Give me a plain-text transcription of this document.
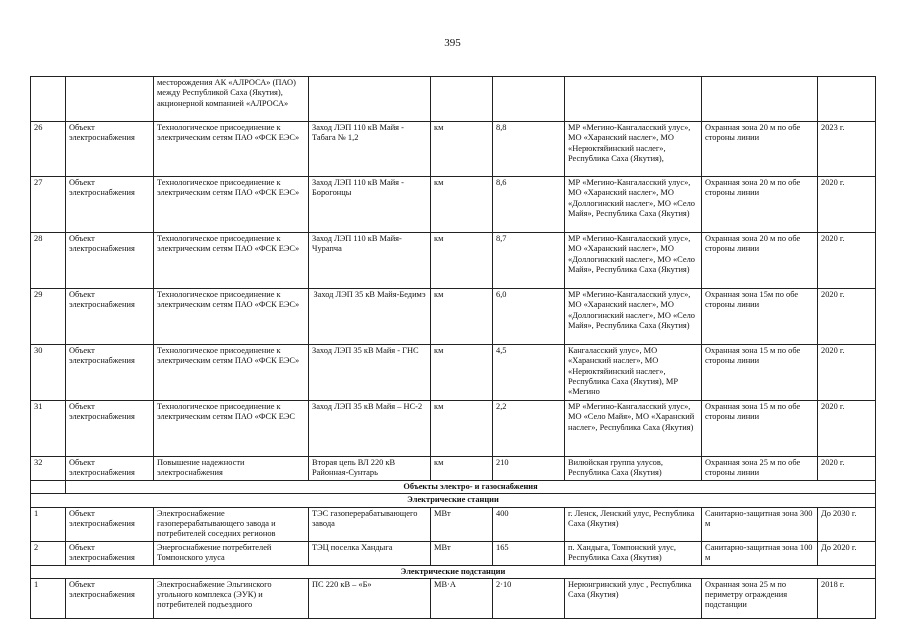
395
		месторождения АК «АЛРОСА» (ПАО) между Республикой Саха (Якутия), акционерной компанией «АЛРОСА»						
26	Объект электроснабжения	Технологическое присоединение к электрическим сетям ПАО «ФСК ЕЭС»	Заход ЛЭП 110 кВ Майя - Табага № 1,2	км	8,8	МР «Мегино-Кангаласский улус», МО «Харанский наслег», МО «Нерюктяйинский наслег», Республика Саха (Якутия),	Охранная зона 20 м по обе стороны линии	2023 г.
27	Объект электроснабжения	Технологическое присоединение к электрическим сетям ПАО «ФСК ЕЭС»	Заход ЛЭП 110 кВ Майя - Борогонцы	км	8,6	МР «Мегино-Кангаласский улус», МО «Харанский наслег», МО «Доллогинский наслег», МО «Село Майя», Республика Саха (Якутия)	Охранная зона 20 м по обе стороны линии	2020 г.
28	Объект электроснабжения	Технологическое присоединение к электрическим сетям ПАО «ФСК ЕЭС»	Заход ЛЭП 110 кВ Майя-Чурапча	км	8,7	МР «Мегино-Кангаласский улус», МО «Харанский наслег», МО «Доллогинский наслег», МО «Село Майя», Республика Саха (Якутия)	Охранная зона 20 м по обе стороны линии	2020 г.
29	Объект электроснабжения	Технологическое присоединение к электрическим сетям ПАО «ФСК ЕЭС»	Заход ЛЭП 35 кВ Майя-Бедимэ	км	6,0	МР «Мегино-Кангаласский улус», МО «Харанский наслег», МО «Доллогинский наслег», МО «Село Майя», Республика Саха (Якутия)	Охранная зона 15м по обе стороны линии	2020 г.
30	Объект электроснабжения	Технологическое присоединение к электрическим сетям ПАО «ФСК ЕЭС»	Заход ЛЭП 35 кВ Майя - ГНС	км	4,5	Кангаласский улус», МО «Харанский наслег», МО «Нерюктяйинский наслег», Республика Саха (Якутия), МР «Мегино	Охранная зона 15 м по обе стороны линии	2020 г.
31	Объект электроснабжения	Технологическое присоединение к электрическим сетям ПАО «ФСК ЕЭС	Заход ЛЭП 35 кВ Майя – НС-2	км	2,2	МР «Мегино-Кангаласский улус», МО «Село Майя», МО «Харанский наслег», Республика Саха (Якутия)	Охранная зона 15 м по обе стороны линии	2020 г.
32	Объект электроснабжения	Повышение надежности электроснабжения	Вторая цепь ВЛ 220 кВ Районная-Сунтарь	км	210	Вилюйская группа улусов, Республика Саха (Якутия)	Охранная зона 25 м по обе стороны линии	2020 г.
	Объекты электро- и газоснабжения							
Электрические станции								
1	Объект электроснабжения	Электроснабжение газоперерабатывающего завода и потребителей соседних регионов	ТЭС газоперерабатывающего завода	МВт	400	г. Ленск, Ленский улус, Республика Саха (Якутия)	Санитарно-защитная зона 300 м	До 2030 г.
2	Объект электроснабжения	Энергоснабжение потребителей Томпонского улуса	ТЭЦ поселка Хандыга	МВт	165	п. Хандыга, Томпонский улус, Республика Саха (Якутия)	Санитарно-защитная зона 100 м	До 2020 г.
Электрические подстанции								
1	Объект электроснабжения	Электроснабжение Эльгинского угольного комплекса (ЭУК) и потребителей подъездного	ПС 220 кВ – «Б»	МВ·А	2·10	Нерюнгринский улус , Республика Саха (Якутия)	Охранная зона 25 м по периметру ограждения подстанции	2018 г.
